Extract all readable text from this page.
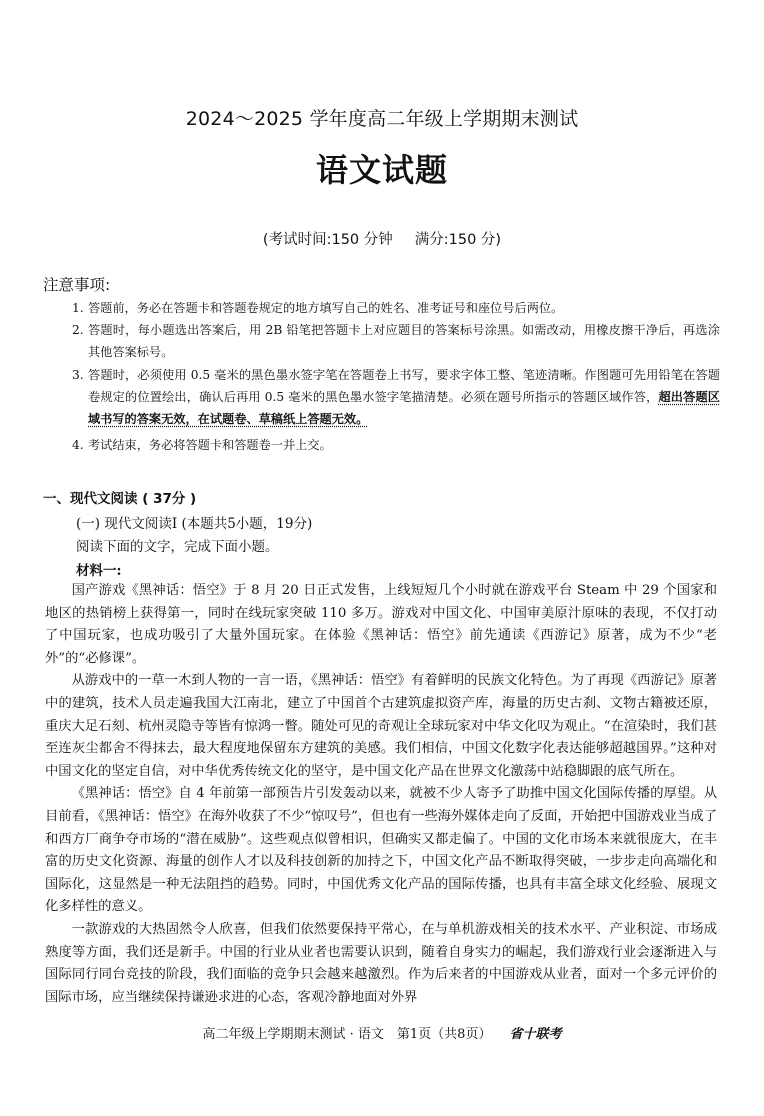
2024～2025 学年度高二年级上学期期末测试
语文试题
(考试时间:150 分钟 满分:150 分)
注意事项:
1. 答题前，务必在答题卡和答题卷规定的地方填写自己的姓名、准考证号和座位号后两位。
2. 答题时，每小题选出答案后，用 2B 铅笔把答题卡上对应题目的答案标号涂黑。如需改动，用橡皮擦干净后，再选涂其他答案标号。
3. 答题时，必须使用 0.5 毫米的黑色墨水签字笔在答题卷上书写，要求字体工整、笔迹清晰。作图题可先用铅笔在答题卷规定的位置绘出，确认后再用 0.5 毫米的黑色墨水签字笔描清楚。必须在题号所指示的答题区域作答，超出答题区域书写的答案无效，在试题卷、草稿纸上答题无效。
4. 考试结束，务必将答题卡和答题卷一并上交。
一、现代文阅读 ( 37分 )
(一) 现代文阅读Ⅰ (本题共5小题，19分)
阅读下面的文字，完成下面小题。
材料一:

国产游戏《黑神话：悟空》于 8 月 20 日正式发售，上线短短几个小时就在游戏平台 Steam 中 29 个国家和地区的热销榜上获得第一，同时在线玩家突破 110 多万。游戏对中国文化、中国审美原汁原味的表现，不仅打动了中国玩家，也成功吸引了大量外国玩家。在体验《黑神话：悟空》前先通读《西游记》原著，成为不少“老外”的“必修课”。

从游戏中的一草一木到人物的一言一语，《黑神话：悟空》有着鲜明的民族文化特色。为了再现《西游记》原著中的建筑，技术人员走遍我国大江南北，建立了中国首个古建筑虚拟资产库，海量的历史古刹、文物古籍被还原，重庆大足石刻、杭州灵隐寺等皆有惊鸿一瞥。随处可见的奇观让全球玩家对中华文化叹为观止。“在渲染时，我们甚至连灰尘都舍不得抹去，最大程度地保留东方建筑的美感。我们相信，中国文化数字化表达能够超越国界。”这种对中国文化的坚定自信，对中华优秀传统文化的坚守，是中国文化产品在世界文化激荡中站稳脚跟的底气所在。

《黑神话：悟空》自 4 年前第一部预告片引发轰动以来，就被不少人寄予了助推中国文化国际传播的厚望。从目前看，《黑神话：悟空》在海外收获了不少“惊叹号”，但也有一些海外媒体走向了反面，开始把中国游戏业当成了和西方厂商争夺市场的“潜在威胁”。这些观点似曾相识，但确实又都走偏了。中国的文化市场本来就很庞大，在丰富的历史文化资源、海量的创作人才以及科技创新的加持之下，中国文化产品不断取得突破，一步步走向高端化和国际化，这显然是一种无法阻挡的趋势。同时，中国优秀文化产品的国际传播，也具有丰富全球文化经验、展现文化多样性的意义。

一款游戏的大热固然令人欣喜，但我们依然要保持平常心，在与单机游戏相关的技术水平、产业积淀、市场成熟度等方面，我们还是新手。中国的行业从业者也需要认识到，随着自身实力的崛起，我们游戏行业会逐渐进入与国际同行同台竞技的阶段，我们面临的竞争只会越来越激烈。作为后来者的中国游戏从业者，面对一个多元评价的国际市场，应当继续保持谦逊求进的心态，客观冷静地面对外界

高二年级上学期期末测试 · 语文　第1页（共8页） 省十联考
